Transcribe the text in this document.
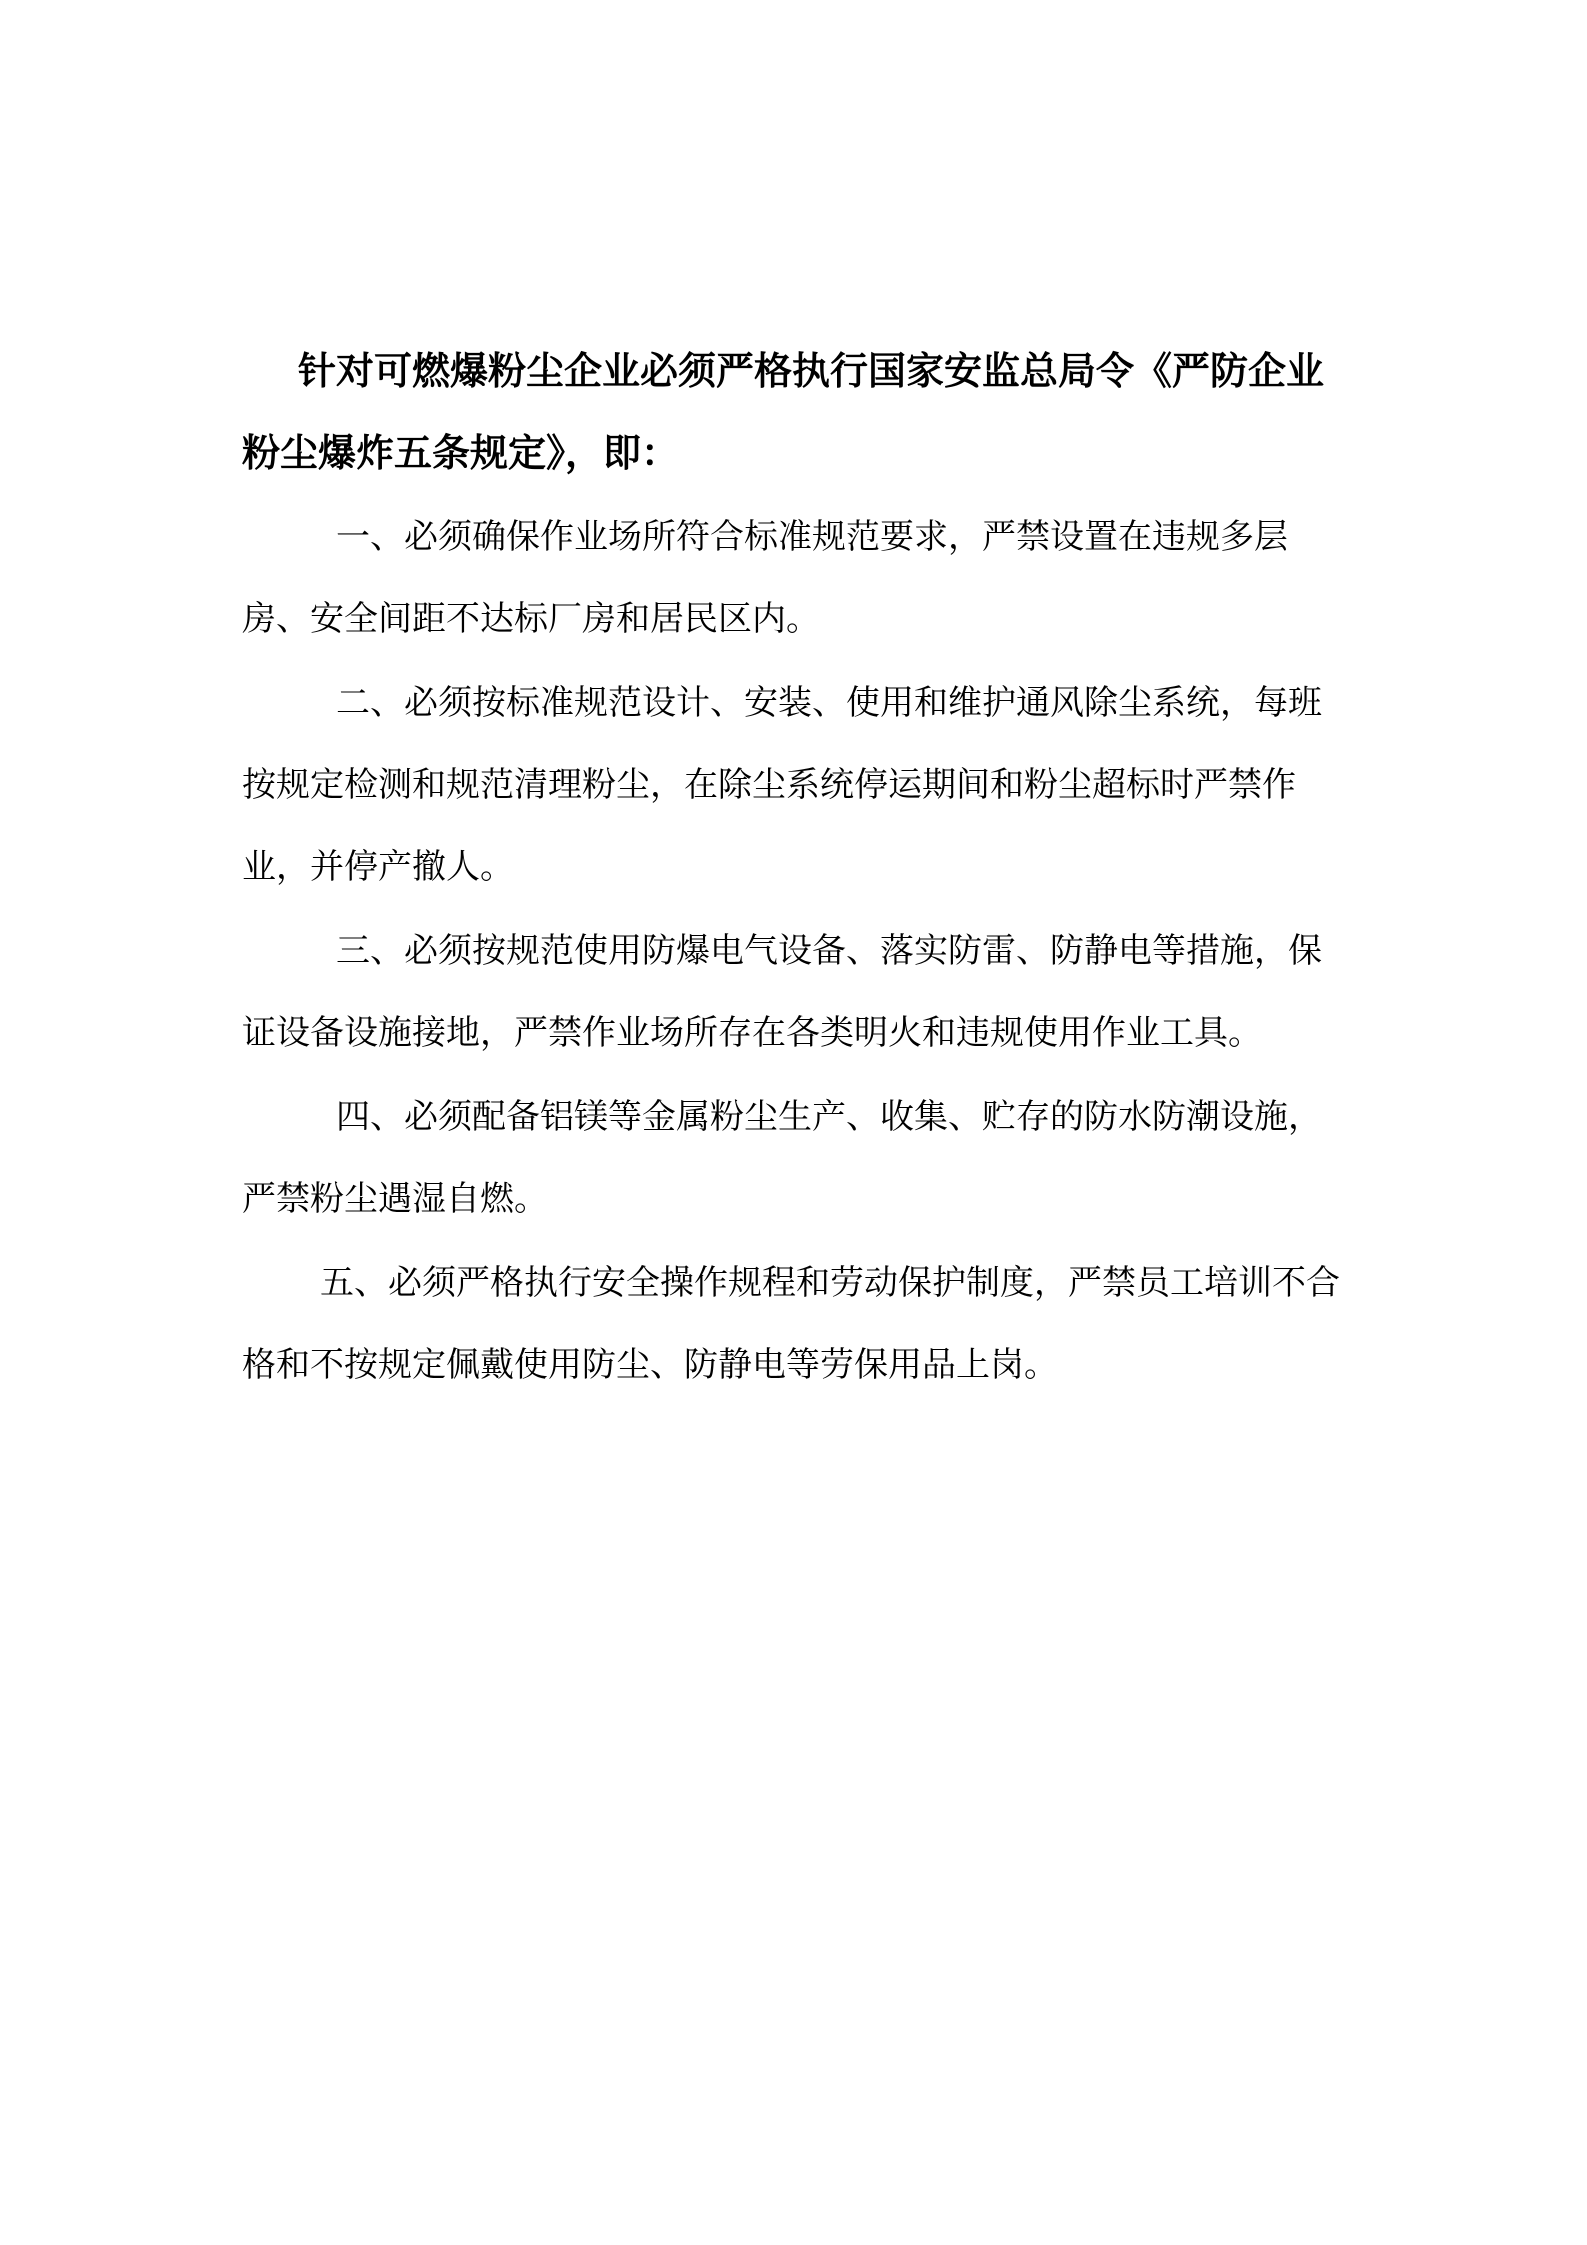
针对可燃爆粉尘企业必须严格执行国家安监总局令《严防企业粉尘爆炸五条规定》，即：

一、必须确保作业场所符合标准规范要求，严禁设置在违规多层房、安全间距不达标厂房和居民区内。

二、必须按标准规范设计、安装、使用和维护通风除尘系统，每班按规定检测和规范清理粉尘，在除尘系统停运期间和粉尘超标时严禁作业，并停产撤人。

三、必须按规范使用防爆电气设备、落实防雷、防静电等措施，保证设备设施接地，严禁作业场所存在各类明火和违规使用作业工具。

四、必须配备铝镁等金属粉尘生产、收集、贮存的防水防潮设施，严禁粉尘遇湿自燃。

五、必须严格执行安全操作规程和劳动保护制度，严禁员工培训不合格和不按规定佩戴使用防尘、防静电等劳保用品上岗。
